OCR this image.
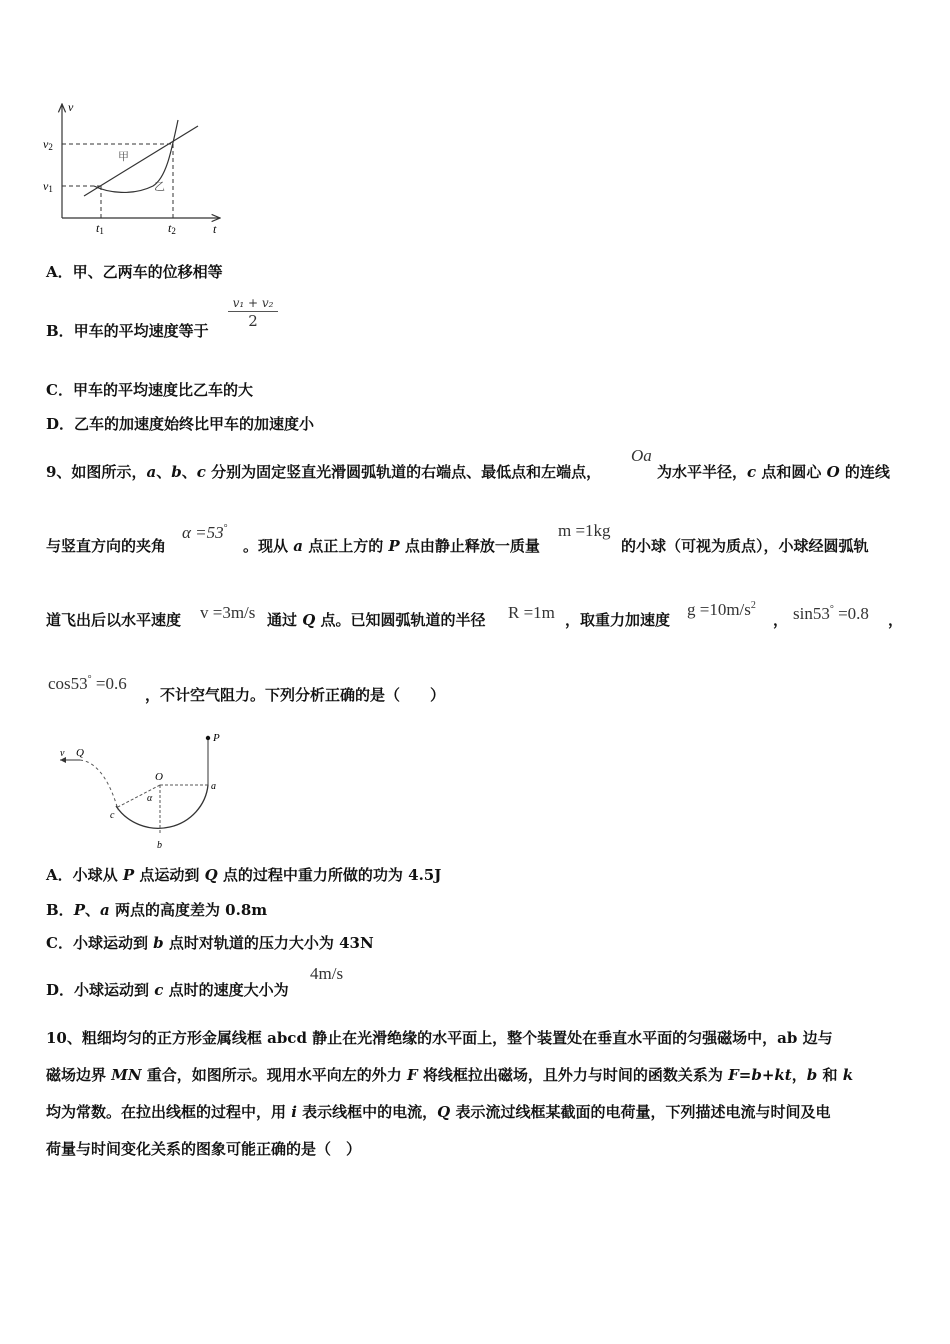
v
t
v2
v1
t1	t2
甲
乙
A．甲、乙两车的位移相等
B．甲车的平均速度等于
v₁ + v₂
2
C．甲车的平均速度比乙车的大
D．乙车的加速度始终比甲车的加速度小
9、如图所示，a、b、c 分别为固定竖直光滑圆弧轨道的右端点、最低点和左端点，
Oa
为水平半径，c 点和圆心 O 的连线
与竖直方向的夹角
α =53°
。现从 a 点正上方的 P 点由静止释放一质量
m =1kg
的小球（可视为质点），小球经圆弧轨
道飞出后以水平速度 v =3m/s 通过 Q 点。已知圆弧轨道的半径 R =1m ，取重力加速度
$g =10m/s^2$
， sin53° =0.8 ，
cos53° =0.6
，不计空气阻力。下列分析正确的是（　　）
v Q
P
O
α
a
b
c
A．小球从 P 点运动到 Q 点的过程中重力所做的功为 4.5J
B．P、a 两点的高度差为 0.8m
C．小球运动到 b 点时对轨道的压力大小为 43N
D．小球运动到 c 点时的速度大小为
4m/s
10、粗细均匀的正方形金属线框 abcd 静止在光滑绝缘的水平面上，整个装置处在垂直水平面的匀强磁场中，ab 边与
磁场边界 MN 重合，如图所示。现用水平向左的外力 F 将线框拉出磁场，且外力与时间的函数关系为 F=b+kt，b 和 k
均为常数。在拉出线框的过程中，用 i 表示线框中的电流，Q 表示流过线框某截面的电荷量，下列描述电流与时间及电
荷量与时间变化关系的图象可能正确的是（　）
